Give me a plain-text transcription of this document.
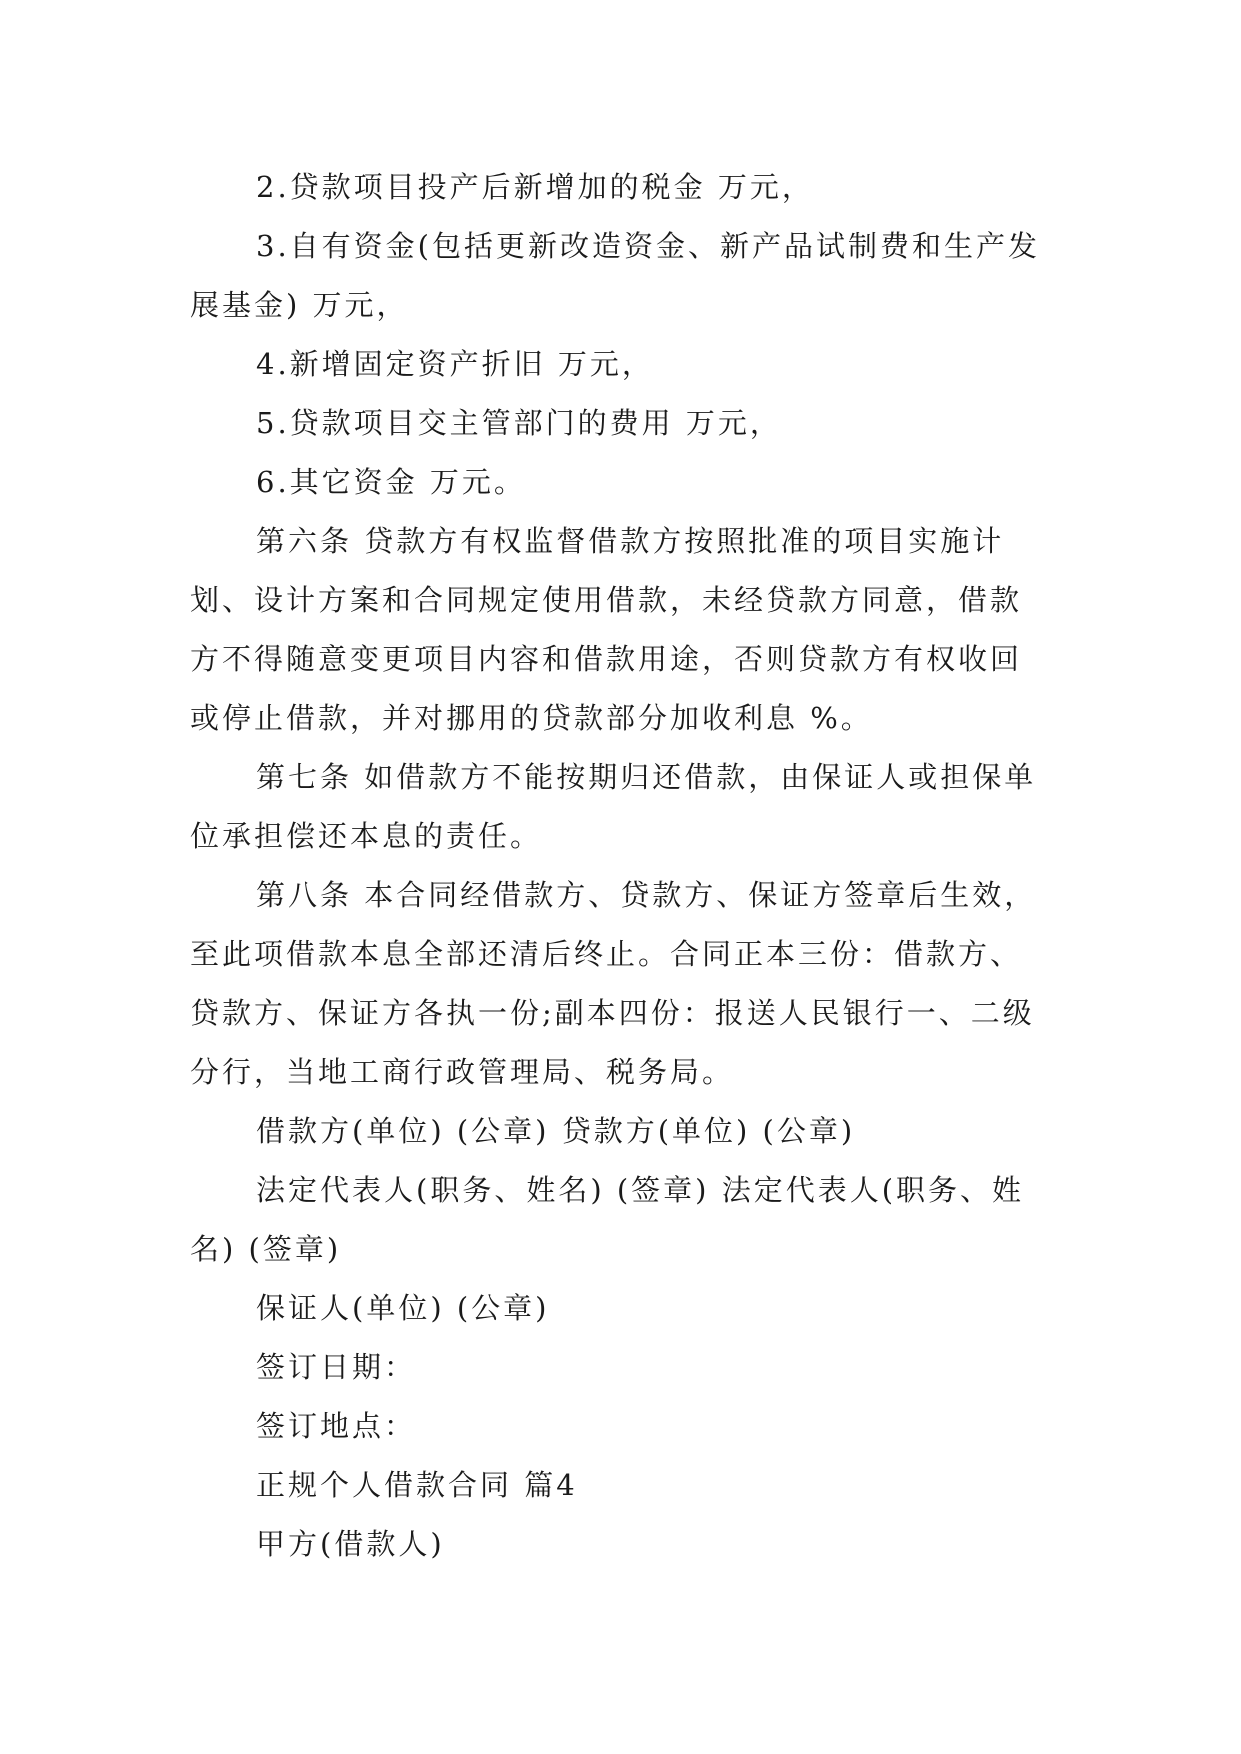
2.贷款项目投产后新增加的税金 万元，

3.自有资金(包括更新改造资金、新产品试制费和生产发展基金) 万元，

4.新增固定资产折旧 万元，

5.贷款项目交主管部门的费用 万元，

6.其它资金 万元。

第六条 贷款方有权监督借款方按照批准的项目实施计划、设计方案和合同规定使用借款，未经贷款方同意，借款方不得随意变更项目内容和借款用途，否则贷款方有权收回或停止借款，并对挪用的贷款部分加收利息 %。

第七条 如借款方不能按期归还借款，由保证人或担保单位承担偿还本息的责任。

第八条 本合同经借款方、贷款方、保证方签章后生效，至此项借款本息全部还清后终止。合同正本三份：借款方、贷款方、保证方各执一份;副本四份：报送人民银行一、二级分行，当地工商行政管理局、税务局。

借款方(单位) (公章) 贷款方(单位) (公章)

法定代表人(职务、姓名) (签章) 法定代表人(职务、姓名) (签章)

保证人(单位) (公章)

签订日期：

签订地点：

正规个人借款合同 篇4

甲方(借款人)
